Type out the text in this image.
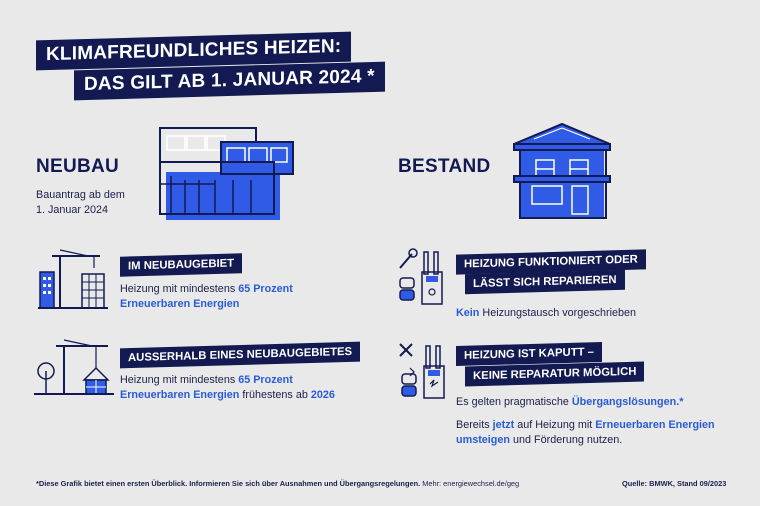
KLIMAFREUNDLICHES HEIZEN:
DAS GILT AB 1. JANUAR 2024 *
NEUBAU
Bauantrag ab dem
1. Januar 2024
IM NEUBAUGEBIET
Heizung mit mindestens 65 Prozent
Erneuerbaren Energien
AUSSERHALB EINES NEUBAUGEBIETES
Heizung mit mindestens 65 Prozent
Erneuerbaren Energien frühestens ab 2026
BESTAND
HEIZUNG FUNKTIONIERT ODER
LÄSST SICH REPARIEREN
Kein Heizungstausch vorgeschrieben
HEIZUNG IST KAPUTT –
KEINE REPARATUR MÖGLICH
Es gelten pragmatische Übergangslösungen.*
Bereits jetzt auf Heizung mit Erneuerbaren Energien
umsteigen und Förderung nutzen.
*Diese Grafik bietet einen ersten Überblick. Informieren Sie sich über Ausnahmen und Übergangsregelungen. Mehr: energiewechsel.de/geg	Quelle: BMWK, Stand 09/2023
